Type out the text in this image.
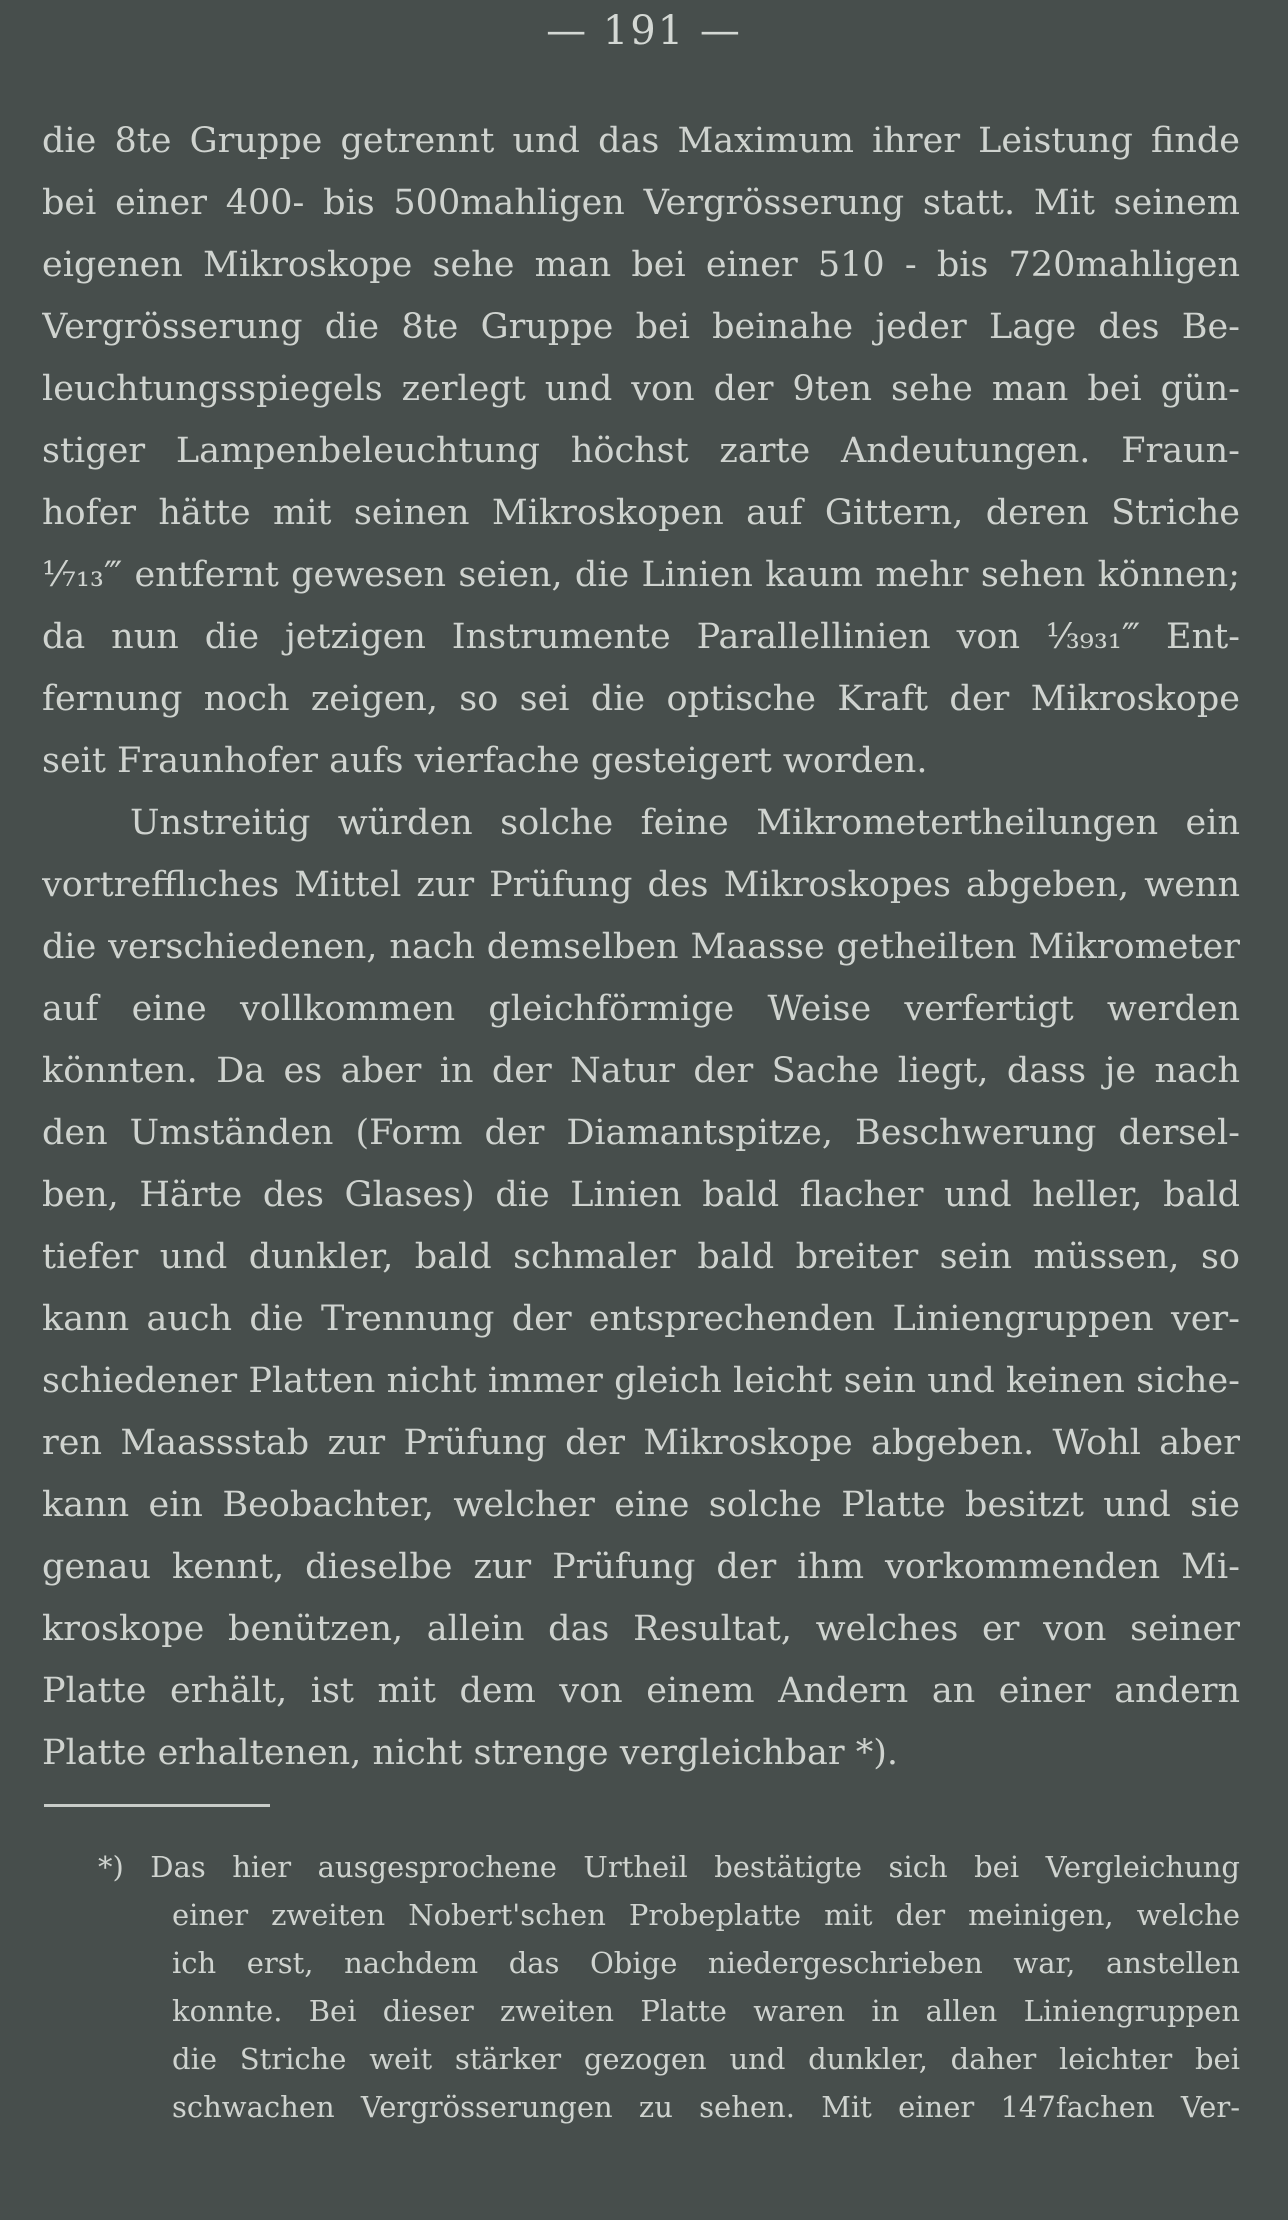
— 191 —
die 8te Gruppe getrennt und das Maximum ihrer Leistung finde
bei einer 400- bis 500mahligen Vergrösserung statt. Mit seinem
eigenen Mikroskope sehe man bei einer 510 - bis 720mahligen
Vergrösserung die 8te Gruppe bei beinahe jeder Lage des Be-
leuchtungsspiegels zerlegt und von der 9ten sehe man bei gün-
stiger Lampenbeleuchtung höchst zarte Andeutungen. Fraun-
hofer hätte mit seinen Mikroskopen auf Gittern, deren Striche
⅟₇₁₃‴ entfernt gewesen seien, die Linien kaum mehr sehen können;
da nun die jetzigen Instrumente Parallellinien von ⅟₃₉₃₁‴ Ent-
fernung noch zeigen, so sei die optische Kraft der Mikroskope
seit Fraunhofer aufs vierfache gesteigert worden.
Unstreitig würden solche feine Mikrometertheilungen ein
vortrefflıches Mittel zur Prüfung des Mikroskopes abgeben, wenn
die verschiedenen, nach demselben Maasse getheilten Mikrometer
auf eine vollkommen gleichförmige Weise verfertigt werden
könnten. Da es aber in der Natur der Sache liegt, dass je nach
den Umständen (Form der Diamantspitze, Beschwerung dersel-
ben, Härte des Glases) die Linien bald flacher und heller, bald
tiefer und dunkler, bald schmaler bald breiter sein müssen, so
kann auch die Trennung der entsprechenden Liniengruppen ver-
schiedener Platten nicht immer gleich leicht sein und keinen siche-
ren Maassstab zur Prüfung der Mikroskope abgeben. Wohl aber
kann ein Beobachter, welcher eine solche Platte besitzt und sie
genau kennt, dieselbe zur Prüfung der ihm vorkommenden Mi-
kroskope benützen, allein das Resultat, welches er von seiner
Platte erhält, ist mit dem von einem Andern an einer andern
Platte erhaltenen, nicht strenge vergleichbar *).
*) Das hier ausgesprochene Urtheil bestätigte sich bei Vergleichung
einer zweiten Nobert'schen Probeplatte mit der meinigen, welche
ich erst, nachdem das Obige niedergeschrieben war, anstellen
konnte. Bei dieser zweiten Platte waren in allen Liniengruppen
die Striche weit stärker gezogen und dunkler, daher leichter bei
schwachen Vergrösserungen zu sehen. Mit einer 147fachen Ver-
